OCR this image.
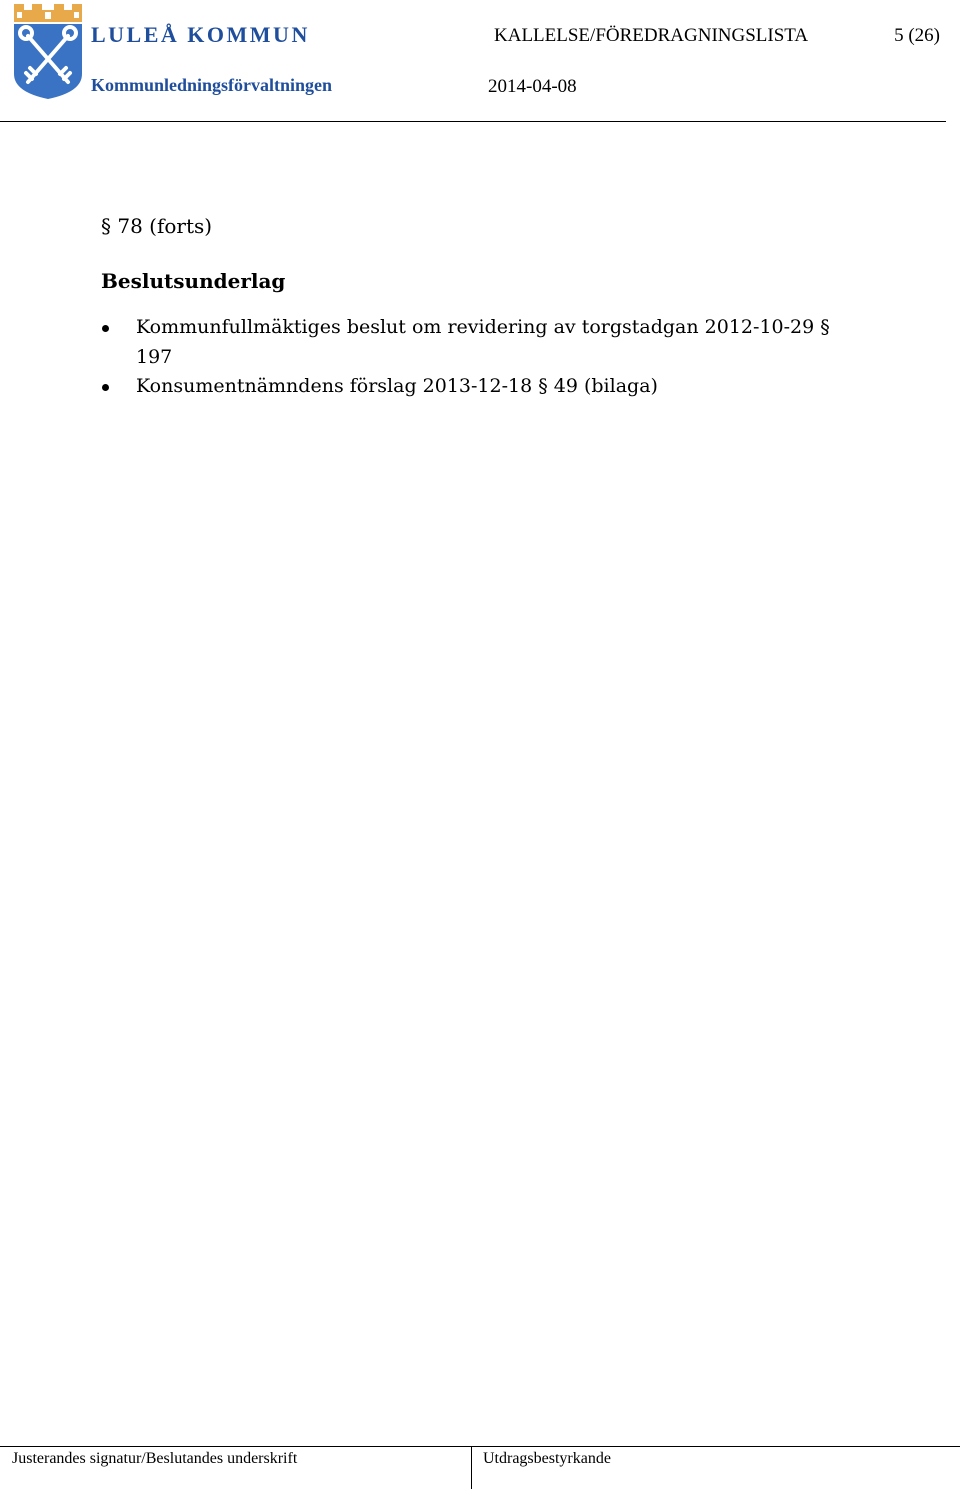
LULEÅ KOMMUN
Kommunledningsförvaltningen
KALLELSE/FÖREDRAGNINGSLISTA	5 (26)
2014-04-08
§ 78 (forts)
Beslutsunderlag
Kommunfullmäktiges beslut om revidering av torgstadgan 2012-10-29 § 197
Konsumentnämndens förslag 2013-12-18 § 49 (bilaga)
Justerandes signatur/Beslutandes underskrift	Utdragsbestyrkande
